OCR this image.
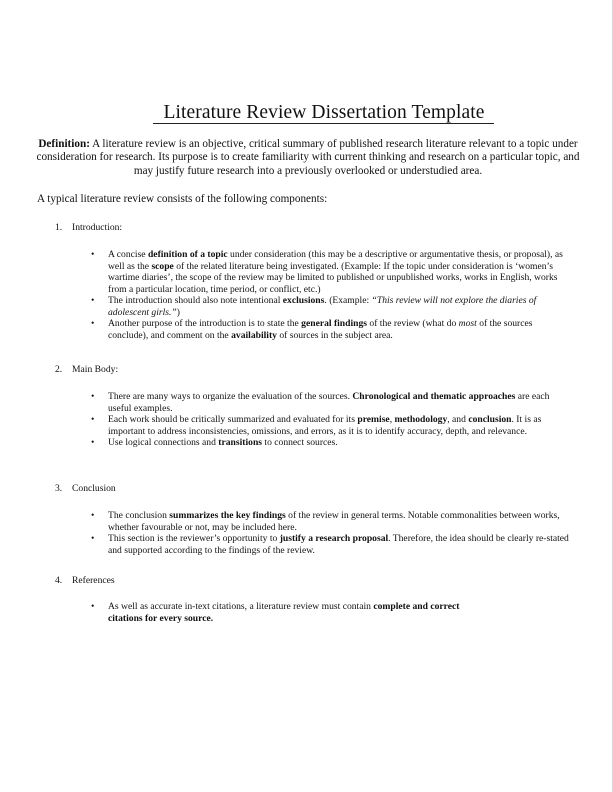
Literature Review Dissertation Template
Definition: A literature review is an objective, critical summary of published research literature relevant to a topic under consideration for research. Its purpose is to create familiarity with current thinking and research on a particular topic, and may justify future research into a previously overlooked or understudied area.
A typical literature review consists of the following components:
1. Introduction:
• A concise definition of a topic under consideration (this may be a descriptive or argumentative thesis, or proposal), as well as the scope of the related literature being investigated. (Example: If the topic under consideration is ‘women’s wartime diaries’, the scope of the review may be limited to published or unpublished works, works in English, works from a particular location, time period, or conflict, etc.)
• The introduction should also note intentional exclusions. (Example: “This review will not explore the diaries of adolescent girls.”)
• Another purpose of the introduction is to state the general findings of the review (what do most of the sources conclude), and comment on the availability of sources in the subject area.
2. Main Body:
• There are many ways to organize the evaluation of the sources. Chronological and thematic approaches are each useful examples.
• Each work should be critically summarized and evaluated for its premise, methodology, and conclusion. It is as important to address inconsistencies, omissions, and errors, as it is to identify accuracy, depth, and relevance.
• Use logical connections and transitions to connect sources.
3. Conclusion
• The conclusion summarizes the key findings of the review in general terms. Notable commonalities between works, whether favourable or not, may be included here.
• This section is the reviewer’s opportunity to justify a research proposal. Therefore, the idea should be clearly re-stated and supported according to the findings of the review.
4. References
• As well as accurate in-text citations, a literature review must contain complete and correct citations for every source.
